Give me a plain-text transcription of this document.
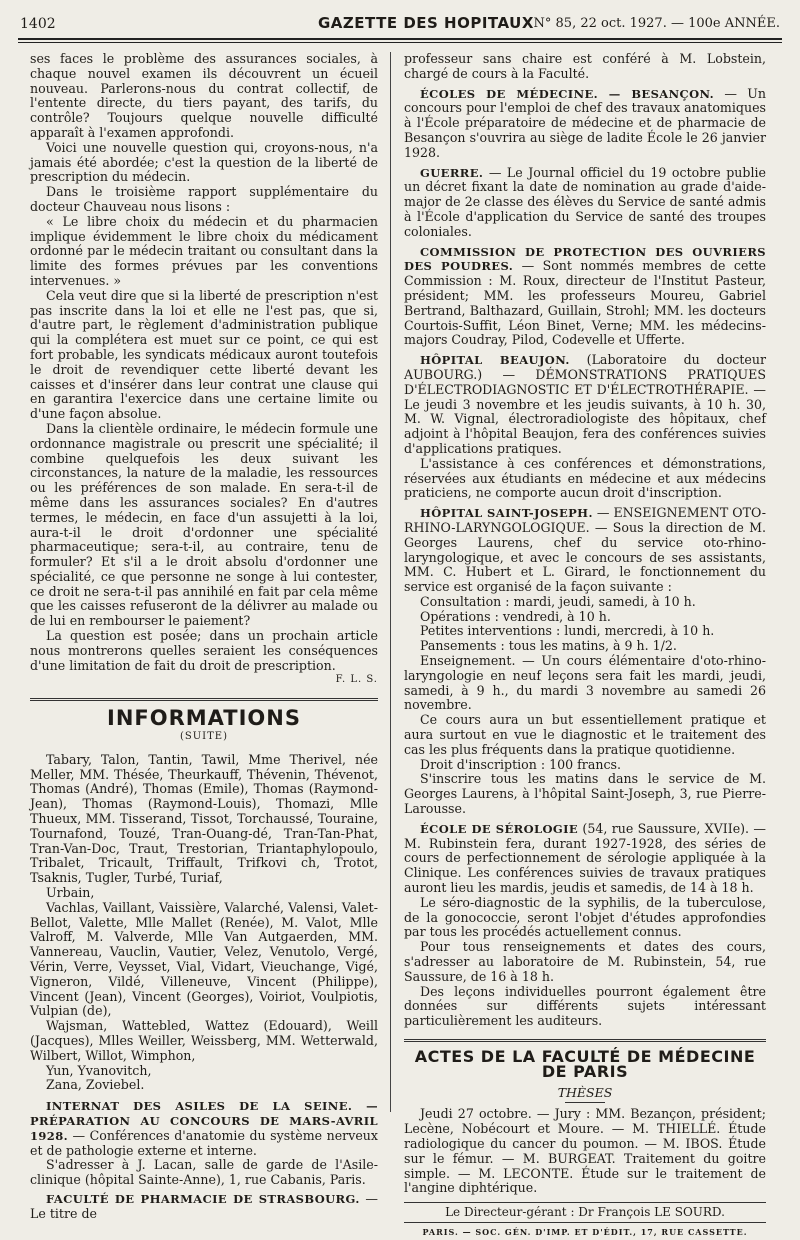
1402	GAZETTE DES HOPITAUX N° 85, 22 oct. 1927. — 100e ANNÉE.

ses faces le problème des assurances sociales, à chaque nouvel examen ils découvrent un écueil nouveau. Parlerons-nous du contrat collectif, de l'entente directe, du tiers payant, des tarifs, du contrôle? Toujours quelque nouvelle difficulté apparaît à l'examen approfondi.

Voici une nouvelle question qui, croyons-nous, n'a jamais été abordée; c'est la question de la liberté de prescription du médecin.

Dans le troisième rapport supplémentaire du docteur Chauveau nous lisons :

« Le libre choix du médecin et du pharmacien implique évidemment le libre choix du médicament ordonné par le médecin traitant ou consultant dans la limite des formes prévues par les conventions intervenues. »

Cela veut dire que si la liberté de prescription n'est pas inscrite dans la loi et elle ne l'est pas, que si, d'autre part, le règlement d'administration publique qui la complétera est muet sur ce point, ce qui est fort probable, les syndicats médicaux auront toutefois le droit de revendiquer cette liberté devant les caisses et d'insérer dans leur contrat une clause qui en garantira l'exercice dans une certaine limite ou d'une façon absolue.

Dans la clientèle ordinaire, le médecin formule une ordonnance magistrale ou prescrit une spécialité; il combine quelquefois les deux suivant les circonstances, la nature de la maladie, les ressources ou les préférences de son malade. En sera-t-il de même dans les assurances sociales? En d'autres termes, le médecin, en face d'un assujetti à la loi, aura-t-il le droit d'ordonner une spécialité pharmaceutique; sera-t-il, au contraire, tenu de formuler? Et s'il a le droit absolu d'ordonner une spécialité, ce que personne ne songe à lui contester, ce droit ne sera-t-il pas annihilé en fait par cela même que les caisses refuseront de la délivrer au malade ou de lui en rembourser le paiement?

La question est posée; dans un prochain article nous montrerons quelles seraient les conséquences d'une limitation de fait du droit de prescription.

F. L. S.
INFORMATIONS
(SUITE)

Tabary, Talon, Tantin, Tawil, Mme Therivel, née Meller, MM. Thésée, Theurkauff, Thévenin, Thévenot, Thomas (André), Thomas (Emile), Thomas (Raymond-Jean), Thomas (Raymond-Louis), Thomazi, Mlle Thueux, MM. Tisserand, Tissot, Torchaussé, Touraine, Tournafond, Touzé, Tran-Ouang-dé, Tran-Tan-Phat, Tran-Van-Doc, Traut, Trestorian, Triantaphylopoulo, Tribalet, Tricault, Triffault, Trifkovi ch, Trotot, Tsaknis, Tugler, Turbé, Turiaf,

Urbain,

Vachlas, Vaillant, Vaissière, Valarché, Valensi, Valet-Bellot, Valette, Mlle Mallet (Renée), M. Valot, Mlle Valroff, M. Valverde, Mlle Van Autgaerden, MM. Vannereau, Vauclin, Vautier, Velez, Venutolo, Vergé, Vérin, Verre, Veysset, Vial, Vidart, Vieuchange, Vigé, Vigneron, Vildé, Villeneuve, Vincent (Philippe), Vincent (Jean), Vincent (Georges), Voiriot, Voulpiotis, Vulpian (de),

Wajsman, Wattebled, Wattez (Edouard), Weill (Jacques), Mlles Weiller, Weissberg, MM. Wetterwald, Wilbert, Willot, Wimphon,

Yun, Yvanovitch,

Zana, Zoviebel.

INTERNAT DES ASILES DE LA SEINE. — PRÉPARATION AU CONCOURS DE MARS-AVRIL 1928. — Conférences d'anatomie du système nerveux et de pathologie externe et interne.

S'adresser à J. Lacan, salle de garde de l'Asile-clinique (hôpital Sainte-Anne), 1, rue Cabanis, Paris.

FACULTÉ DE PHARMACIE DE STRASBOURG. — Le titre de

professeur sans chaire est conféré à M. Lobstein, chargé de cours à la Faculté.

ÉCOLES DE MÉDECINE. — BESANÇON. — Un concours pour l'emploi de chef des travaux anatomiques à l'École préparatoire de médecine et de pharmacie de Besançon s'ouvrira au siège de ladite École le 26 janvier 1928.

GUERRE. — Le Journal officiel du 19 octobre publie un décret fixant la date de nomination au grade d'aide-major de 2e classe des élèves du Service de santé admis à l'École d'application du Service de santé des troupes coloniales.

COMMISSION DE PROTECTION DES OUVRIERS DES POUDRES. — Sont nommés membres de cette Commission : M. Roux, directeur de l'Institut Pasteur, président; MM. les professeurs Moureu, Gabriel Bertrand, Balthazard, Guillain, Strohl; MM. les docteurs Courtois-Suffit, Léon Binet, Verne; MM. les médecins-majors Coudray, Pilod, Codevelle et Ufferte.

HÔPITAL BEAUJON. (Laboratoire du docteur AUBOURG.) — DÉMONSTRATIONS PRATIQUES D'ÉLECTRODIAGNOSTIC ET D'ÉLECTROTHÉRAPIE. — Le jeudi 3 novembre et les jeudis suivants, à 10 h. 30, M. W. Vignal, électroradiologiste des hôpitaux, chef adjoint à l'hôpital Beaujon, fera des conférences suivies d'applications pratiques.

L'assistance à ces conférences et démonstrations, réservées aux étudiants en médecine et aux médecins praticiens, ne comporte aucun droit d'inscription.

HÔPITAL SAINT-JOSEPH. — ENSEIGNEMENT OTO-RHINO-LARYNGOLOGIQUE. — Sous la direction de M. Georges Laurens, chef du service oto-rhino-laryngologique, et avec le concours de ses assistants, MM. C. Hubert et L. Girard, le fonctionnement du service est organisé de la façon suivante :

Consultation : mardi, jeudi, samedi, à 10 h.

Opérations : vendredi, à 10 h.

Petites interventions : lundi, mercredi, à 10 h.

Pansements : tous les matins, à 9 h. 1/2.

Enseignement. — Un cours élémentaire d'oto-rhino-laryngologie en neuf leçons sera fait les mardi, jeudi, samedi, à 9 h., du mardi 3 novembre au samedi 26 novembre.

Ce cours aura un but essentiellement pratique et aura surtout en vue le diagnostic et le traitement des cas les plus fréquents dans la pratique quotidienne.

Droit d'inscription : 100 francs.

S'inscrire tous les matins dans le service de M. Georges Laurens, à l'hôpital Saint-Joseph, 3, rue Pierre-Larousse.

ÉCOLE DE SÉROLOGIE (54, rue Saussure, XVIIe). — M. Rubinstein fera, durant 1927-1928, des séries de cours de perfectionnement de sérologie appliquée à la Clinique. Les conférences suivies de travaux pratiques auront lieu les mardis, jeudis et samedis, de 14 à 18 h.

Le séro-diagnostic de la syphilis, de la tuberculose, de la gonococcie, seront l'objet d'études approfondies par tous les procédés actuellement connus.

Pour tous renseignements et dates des cours, s'adresser au laboratoire de M. Rubinstein, 54, rue Saussure, de 16 à 18 h.

Des leçons individuelles pourront également être données sur différents sujets intéressant particulièrement les auditeurs.

ACTES DE LA FACULTÉ DE MÉDECINE DE PARIS
THÈSES

Jeudi 27 octobre. — Jury : MM. Bezançon, président; Lecène, Nobécourt et Moure. — M. THIELLÉ. Étude radiologique du cancer du poumon. — M. IBOS. Étude sur le fémur. — M. BURGEAT. Traitement du goitre simple. — M. LECONTE. Étude sur le traitement de l'angine diphtérique.

Le Directeur-gérant : Dr François LE SOURD.
PARIS. — SOC. GÉN. D'IMP. ET D'ÉDIT., 17, RUE CASSETTE.
